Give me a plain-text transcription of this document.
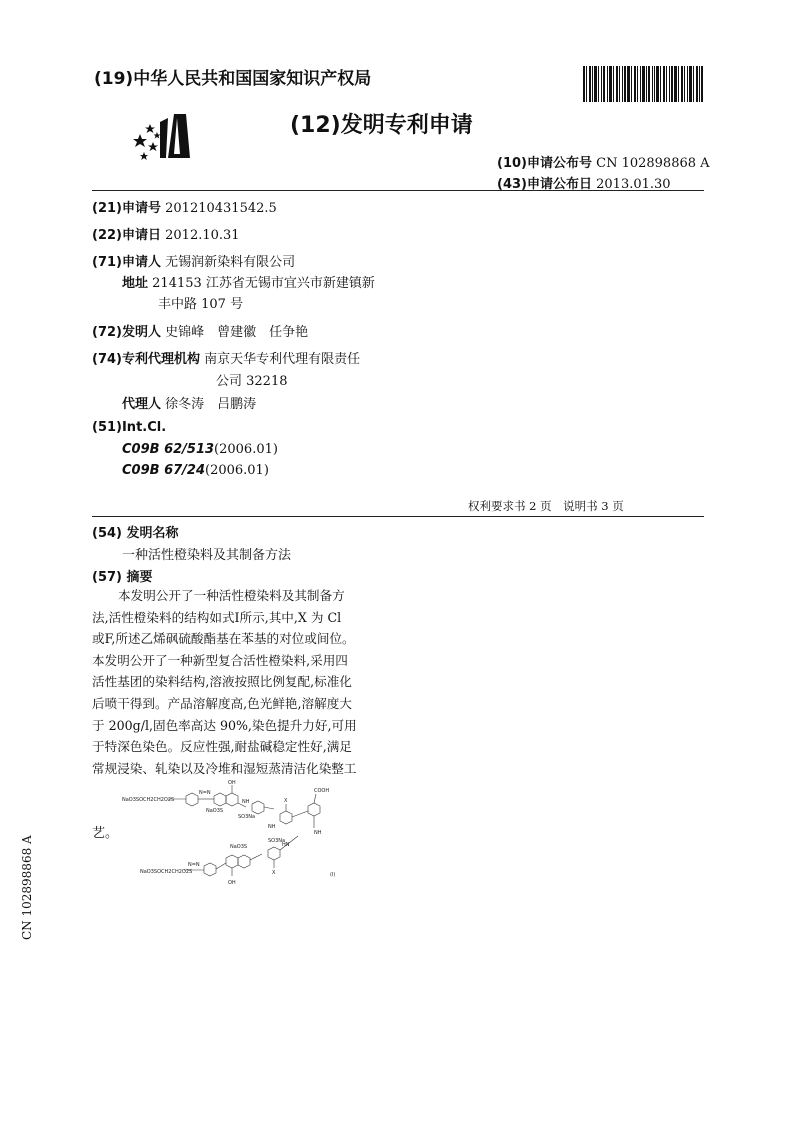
(19)中华人民共和国国家知识产权局
(12)发明专利申请
(10)申请公布号 CN 102898868 A
(43)申请公布日 2013.01.30
(21)申请号 201210431542.5
(22)申请日 2012.10.31
(71)申请人 无锡润新染料有限公司
地址 214153 江苏省无锡市宜兴市新建镇新
丰中路 107 号
(72)发明人 史锦峰　曾建徽　任争艳
(74)专利代理机构 南京天华专利代理有限责任
公司 32218
代理人 徐冬涛　吕鹏涛
(51)Int.Cl.
C09B 62/513(2006.01)
C09B 67/24(2006.01)
权利要求书 2 页　说明书 3 页
(54) 发明名称
一种活性橙染料及其制备方法
(57) 摘要

本发明公开了一种活性橙染料及其制备方

法,活性橙染料的结构如式Ⅰ所示,其中,X 为 Cl

或F,所述乙烯砜硫酸酯基在苯基的对位或间位。

本发明公开了一种新型复合活性橙染料,采用四

活性基团的染料结构,溶液按照比例复配,标准化

后喷干得到。产品溶解度高,色光鲜艳,溶解度大

于 200g/l,固色率高达 90%,染色提升力好,可用

于特深色染色。反应性强,耐盐碱稳定性好,满足

常规浸染、轧染以及冷堆和湿短蒸清洁化染整工

艺。
OH
NaO3SOCH2CH2O2S
N=N
NaO3S
SO3Na
NH	X
NH
COOH
NH
NaO3S
SO3Na
HN
X
OH
N=N
NaO3SOCH2CH2O2S	(I)
CN 102898868 A
